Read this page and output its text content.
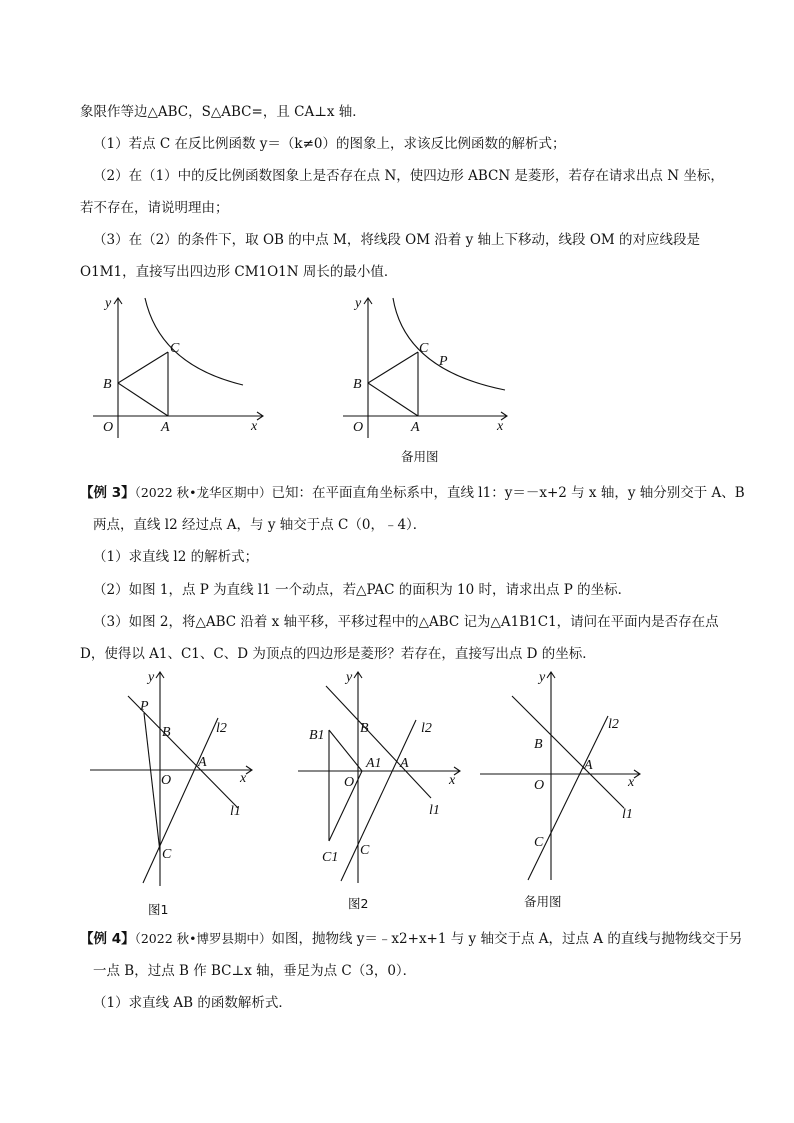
象限作等边△ABC，S△ABC=，且 CA⊥x 轴．
（1）若点 C 在反比例函数 y＝（k≠0）的图象上，求该反比例函数的解析式；
（2）在（1）中的反比例函数图象上是否存在点 N，使四边形 ABCN 是菱形，若存在请求出点 N 坐标，
若不存在，请说明理由；
（3）在（2）的条件下，取 OB 的中点 M，将线段 OM 沿着 y 轴上下移动，线段 OM 的对应线段是
O1M1，直接写出四边形 CM1O1N 周长的最小值．
y
x
O	A
B
C
y
x
O	A
B
C
P
备用图
【例 3】（2022 秋•龙华区期中）已知：在平面直角坐标系中，直线 l1：y＝－x+2 与 x 轴，y 轴分别交于 A、B
两点，直线 l2 经过点 A，与 y 轴交于点 C（0，﹣4）．
（1）求直线 l2 的解析式；
（2）如图 1，点 P 为直线 l1 一个动点，若△PAC 的面积为 10 时，请求出点 P 的坐标．
（3）如图 2，将△ABC 沿着 x 轴平移，平移过程中的△ABC 记为△A1B1C1，请问在平面内是否存在点
D，使得以 A1、C1、C、D 为顶点的四边形是菱形？若存在，直接写出点 D 的坐标．
y
x
O
A
B
C
P
l2
l1
图1
y
x
O
A
B
C
A1
B1
C1
l2
l1
图2
y
x
O
A
B
C
l2
l1
备用图
【例 4】（2022 秋•博罗县期中）如图，抛物线 y＝﹣x2+x+1 与 y 轴交于点 A，过点 A 的直线与抛物线交于另
一点 B，过点 B 作 BC⊥x 轴，垂足为点 C（3，0）．
（1）求直线 AB 的函数解析式．
